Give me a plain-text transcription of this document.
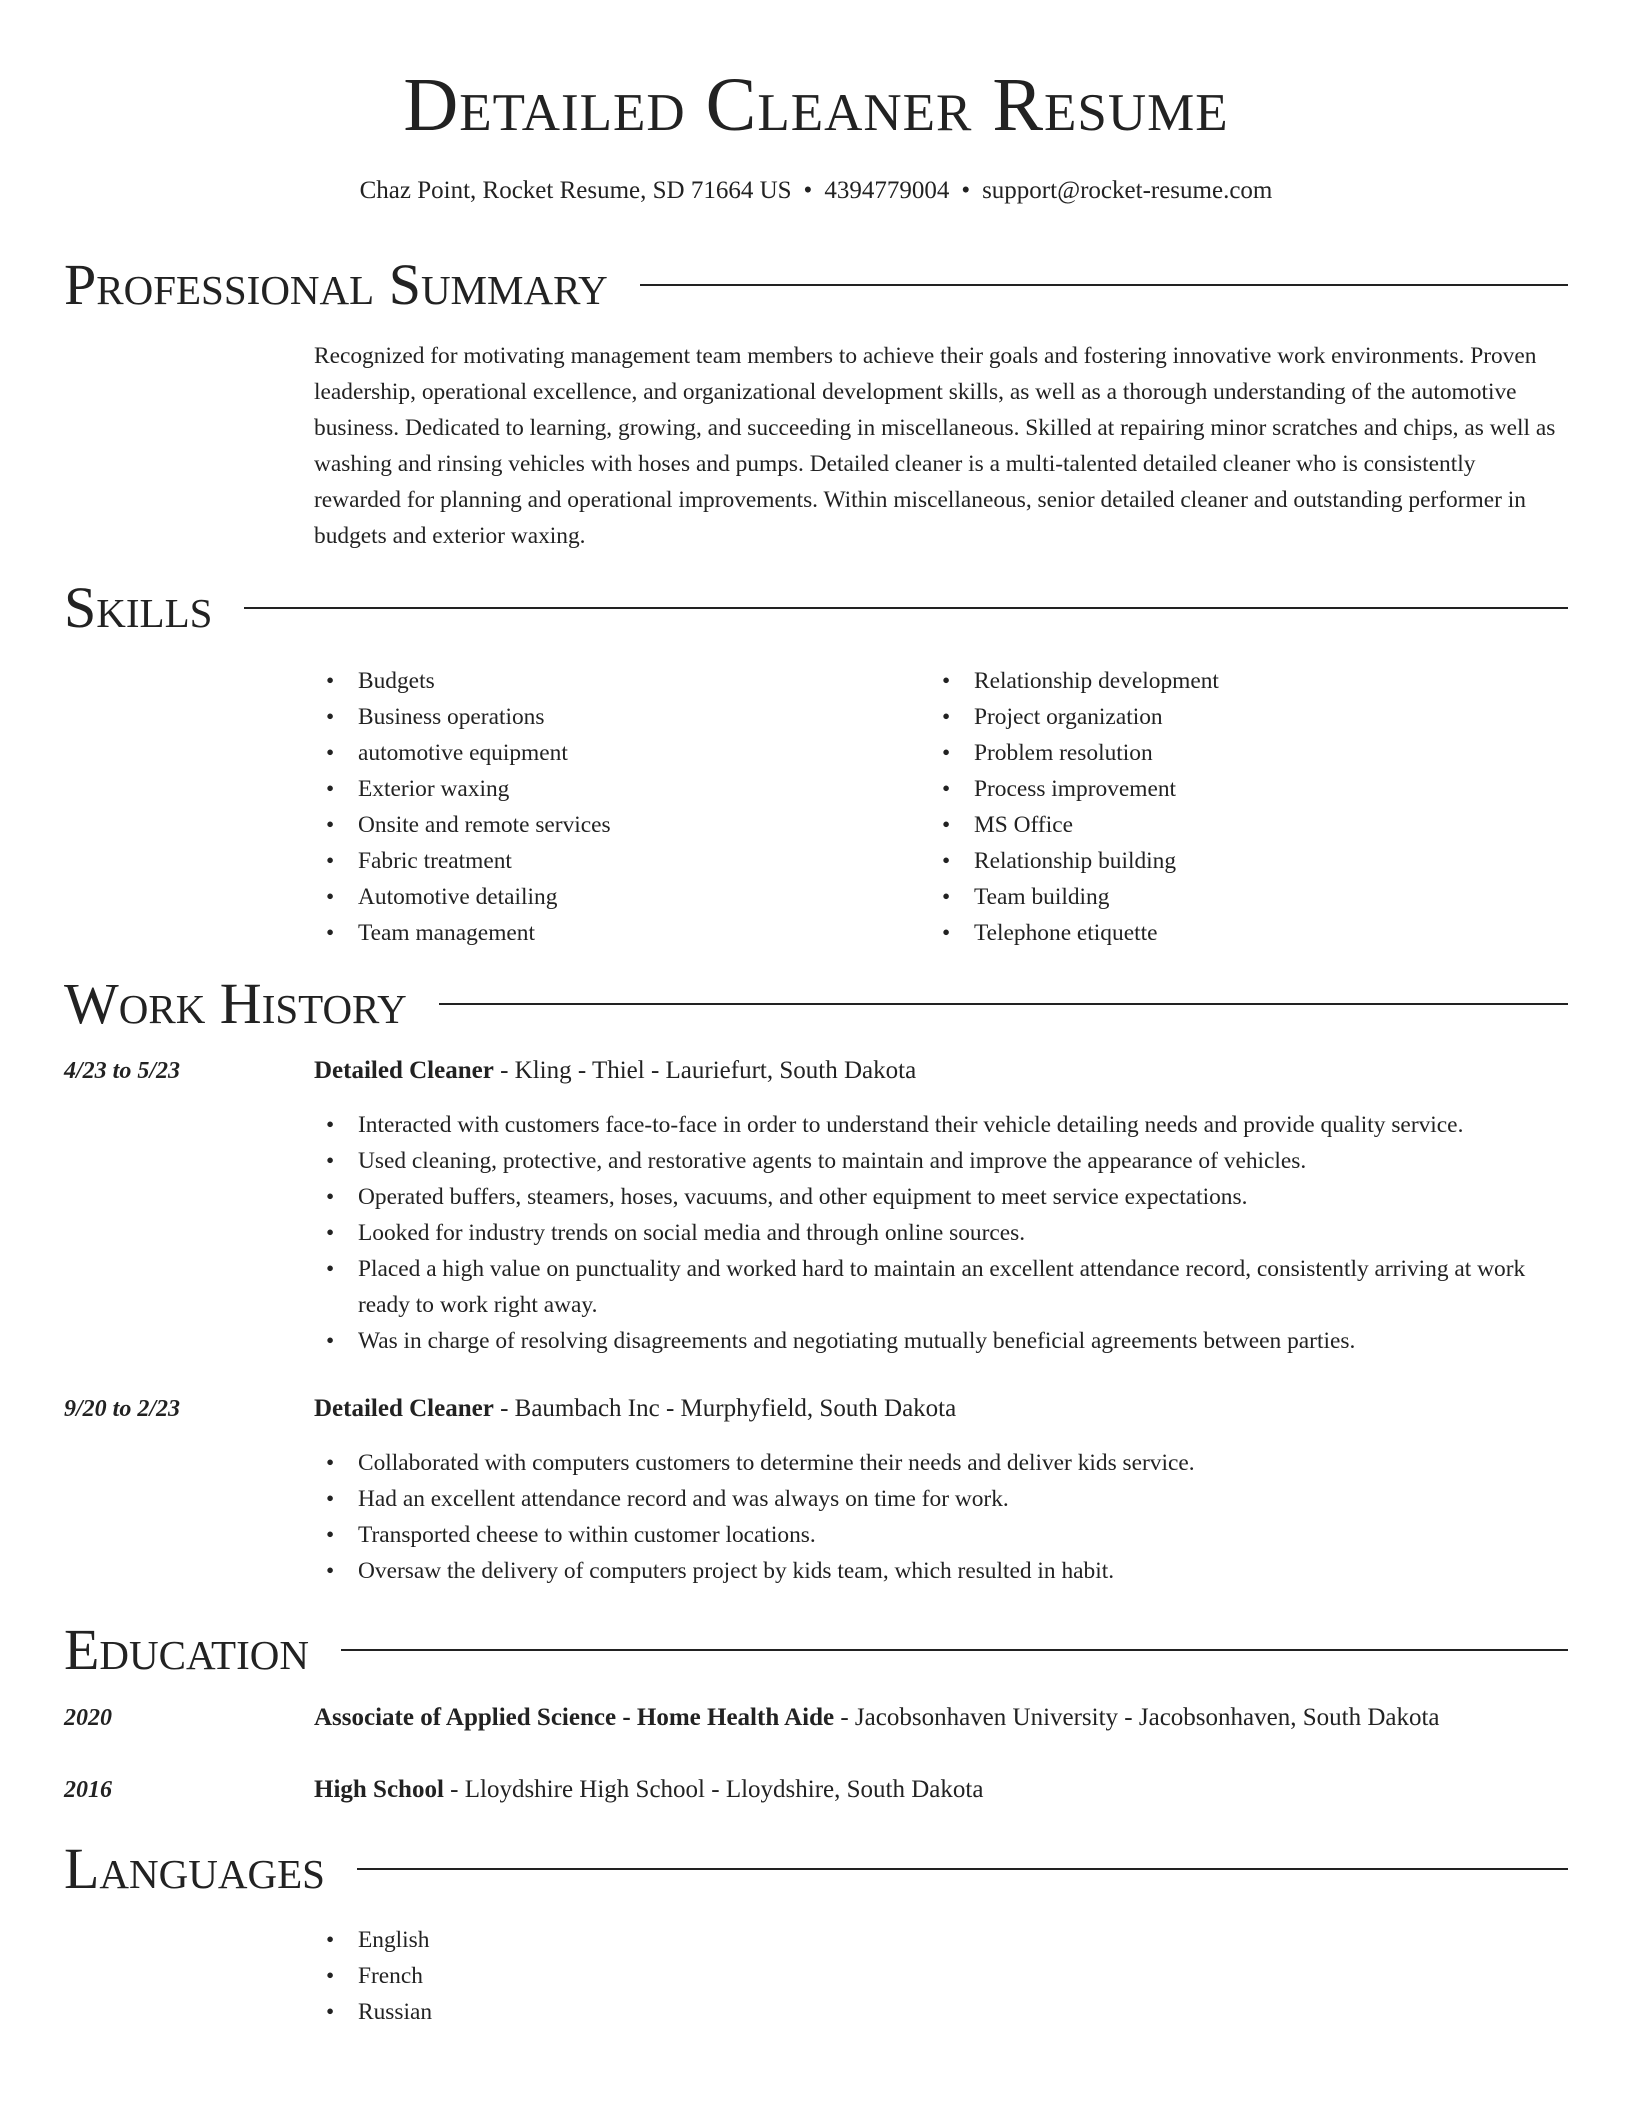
Detailed Cleaner Resume
Chaz Point, Rocket Resume, SD 71664 US • 4394779004 • support@rocket-resume.com
Professional Summary

Recognized for motivating management team members to achieve their goals and fostering innovative work environments. Proven leadership, operational excellence, and organizational development skills, as well as a thorough understanding of the automotive business. Dedicated to learning, growing, and succeeding in miscellaneous. Skilled at repairing minor scratches and chips, as well as washing and rinsing vehicles with hoses and pumps. Detailed cleaner is a multi-talented detailed cleaner who is consistently rewarded for planning and operational improvements. Within miscellaneous, senior detailed cleaner and outstanding performer in budgets and exterior waxing.

Skills
• Budgets
• Business operations
• automotive equipment
• Exterior waxing
• Onsite and remote services
• Fabric treatment
• Automotive detailing
• Team management
• Relationship development
• Project organization
• Problem resolution
• Process improvement
• MS Office
• Relationship building
• Team building
• Telephone etiquette
Work History
4/23 to 5/23	Detailed Cleaner - Kling - Thiel - Lauriefurt, South Dakota
• Interacted with customers face-to-face in order to understand their vehicle detailing needs and provide quality service.
• Used cleaning, protective, and restorative agents to maintain and improve the appearance of vehicles.
• Operated buffers, steamers, hoses, vacuums, and other equipment to meet service expectations.
• Looked for industry trends on social media and through online sources.
• Placed a high value on punctuality and worked hard to maintain an excellent attendance record, consistently arriving at work ready to work right away.
• Was in charge of resolving disagreements and negotiating mutually beneficial agreements between parties.
9/20 to 2/23	Detailed Cleaner - Baumbach Inc - Murphyfield, South Dakota
• Collaborated with computers customers to determine their needs and deliver kids service.
• Had an excellent attendance record and was always on time for work.
• Transported cheese to within customer locations.
• Oversaw the delivery of computers project by kids team, which resulted in habit.
Education
2020	Associate of Applied Science - Home Health Aide - Jacobsonhaven University - Jacobsonhaven, South Dakota
2016	High School - Lloydshire High School - Lloydshire, South Dakota
Languages
• English
• French
• Russian
